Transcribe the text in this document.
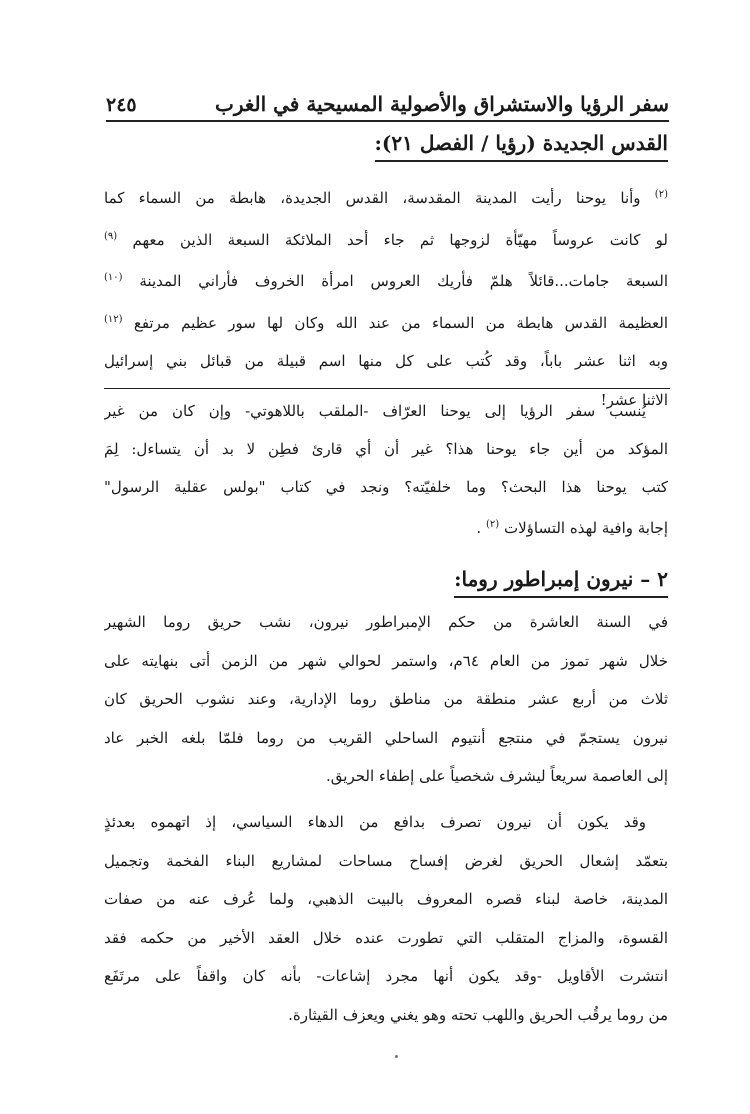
سفر الرؤيا والاستشراق والأصولية المسيحية في الغرب
٢٤٥
القدس الجديدة (رؤيا / الفصل ٢١):
$^{(٢)}$ وأنا يوحنا رأيت المدينة المقدسة، القدس الجديدة، هابطة من السماء كما
لو كانت عروساً مهيّأة لزوجها ثم جاء أحد الملائكة السبعة الذين معهم $^{(٩)}$
السبعة جامات...قائلاً هلمّ فأريك العروس امرأة الخروف فأراني المدينة $^{(١٠)}$
العظيمة القدس هابطة من السماء من عند الله وكان لها سور عظيم مرتفع $^{(١٢)}$
وبه اثنا عشر باباً، وقد كُتب على كل منها اسم قبيلة من قبائل بني إسرائيل
الاثنا عشر!
يُنسب سفر الرؤيا إلى يوحنا العرّاف -الملقب باللاهوتي- وإن كان من غير
المؤكد من أين جاء يوحنا هذا؟ غير أن أي قارئ فطِن لا بد أن يتساءل: لِمَ
كتب يوحنا هذا البحث؟ وما خلفيّته؟ ونجد في كتاب "بولس عقلية الرسول"
إجابة وافية لهذه التساؤلات $^{(٢)}$ .
٢ – نيرون إمبراطور روما:
في السنة العاشرة من حكم الإمبراطور نيرون، نشب حريق روما الشهير
خلال شهر تموز من العام ٦٤م، واستمر لحوالي شهر من الزمن أتى بنهايته على
ثلاث من أربع عشر منطقة من مناطق روما الإدارية، وعند نشوب الحريق كان
نيرون يستجمّ في منتجع أنتيوم الساحلي القريب من روما فلمّا بلغه الخبر عاد
إلى العاصمة سريعاً ليشرف شخصياً على إطفاء الحريق.
وقد يكون أن نيرون تصرف بدافع من الدهاء السياسي، إذ اتهموه بعدئذٍ
بتعمّد إشعال الحريق لغرض إفساح مساحات لمشاريع البناء الفخمة وتجميل
المدينة، خاصة لبناء قصره المعروف بالبيت الذهبي، ولما عُرف عنه من صفات
القسوة، والمزاج المتقلب التي تطورت عنده خلال العقد الأخير من حكمه فقد
انتشرت الأقاويل -وقد يكون أنها مجرد إشاعات- بأنه كان واقفاً على مرتَفَع
من روما يرقُب الحريق واللهب تحته وهو يغني ويعزف القيثارة.
